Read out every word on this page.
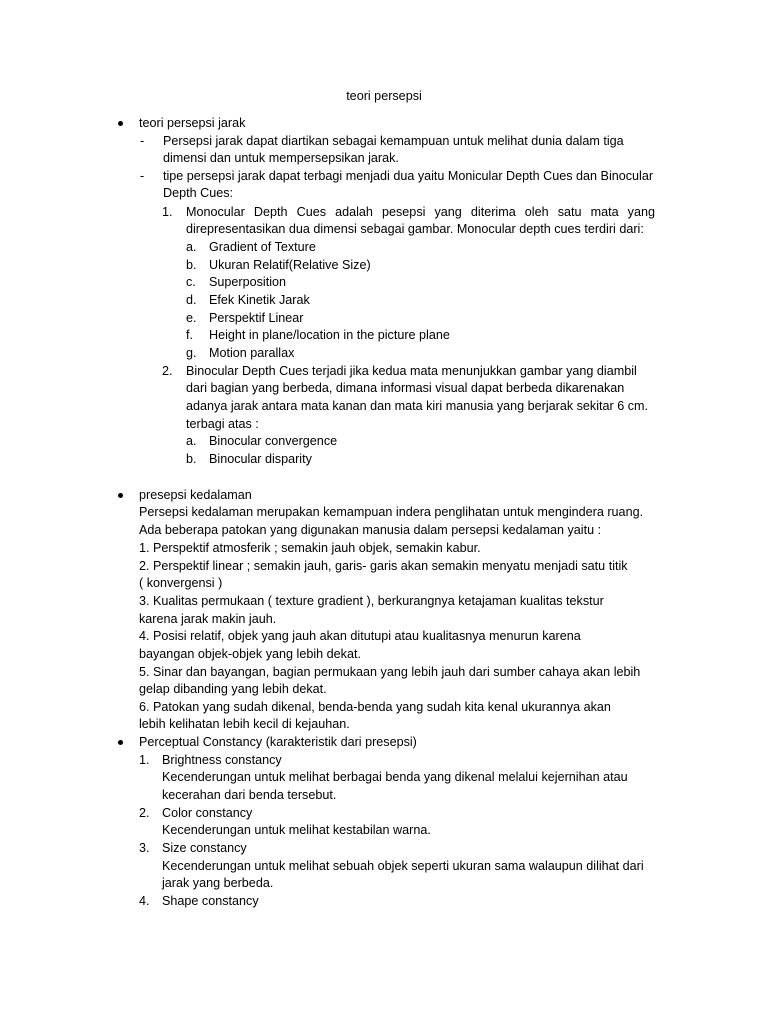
teori persepsi
teori persepsi jarak
- Persepsi jarak dapat diartikan sebagai kemampuan untuk melihat dunia dalam tiga
dimensi dan untuk mempersepsikan jarak.
- tipe persepsi jarak dapat terbagi menjadi dua yaitu Monicular Depth Cues dan Binocular
Depth Cues:
1. Monocular Depth Cues adalah pesepsi yang diterima oleh satu mata yang
direpresentasikan dua dimensi sebagai gambar. Monocular depth cues terdiri dari:
a. Gradient of Texture
b. Ukuran Relatif(Relative Size)
c. Superposition
d. Efek Kinetik Jarak
e. Perspektif Linear
f. Height in plane/location in the picture plane
g. Motion parallax
2. Binocular Depth Cues terjadi jika kedua mata menunjukkan gambar yang diambil
dari bagian yang berbeda, dimana informasi visual dapat berbeda dikarenakan
adanya jarak antara mata kanan dan mata kiri manusia yang berjarak sekitar 6 cm.
terbagi atas :
a. Binocular convergence
b. Binocular disparity
presepsi kedalaman
Persepsi kedalaman merupakan kemampuan indera penglihatan untuk mengindera ruang.
Ada beberapa patokan yang digunakan manusia dalam persepsi kedalaman yaitu :
1. Perspektif atmosferik ; semakin jauh objek, semakin kabur.
2. Perspektif linear ; semakin jauh, garis- garis akan semakin menyatu menjadi satu titik
( konvergensi )
3. Kualitas permukaan ( texture gradient ), berkurangnya ketajaman kualitas tekstur
karena jarak makin jauh.
4. Posisi relatif, objek yang jauh akan ditutupi atau kualitasnya menurun karena
bayangan objek-objek yang lebih dekat.
5. Sinar dan bayangan, bagian permukaan yang lebih jauh dari sumber cahaya akan lebih
gelap dibanding yang lebih dekat.
6. Patokan yang sudah dikenal, benda-benda yang sudah kita kenal ukurannya akan
lebih kelihatan lebih kecil di kejauhan.
Perceptual Constancy (karakteristik dari presepsi)
1. Brightness constancy
Kecenderungan untuk melihat berbagai benda yang dikenal melalui kejernihan atau
kecerahan dari benda tersebut.
2. Color constancy
Kecenderungan untuk melihat kestabilan warna.
3. Size constancy
Kecenderungan untuk melihat sebuah objek seperti ukuran sama walaupun dilihat dari
jarak yang berbeda.
4. Shape constancy
